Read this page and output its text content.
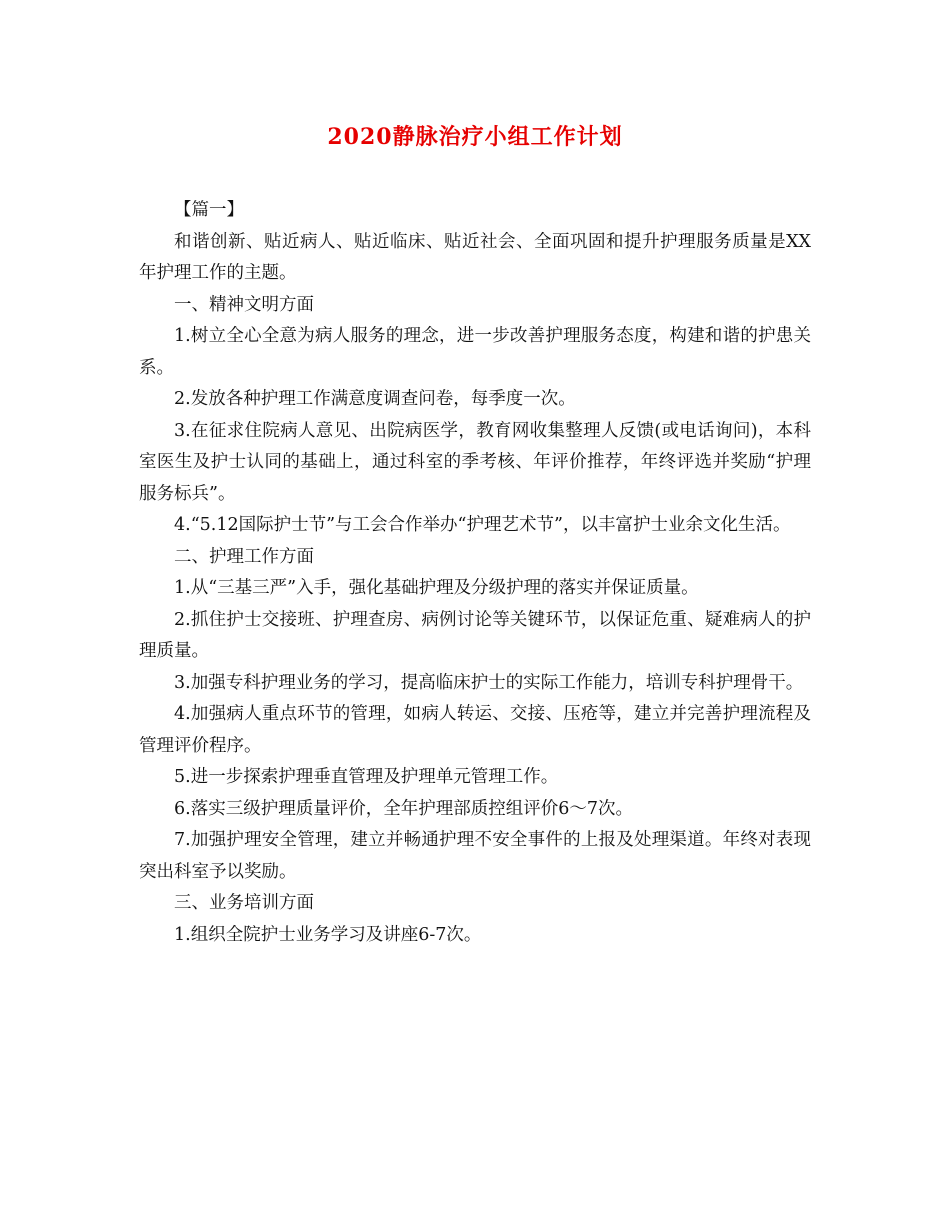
2020静脉治疗小组工作计划

【篇一】

和谐创新、贴近病人、贴近临床、贴近社会、全面巩固和提升护理服务质量是XX年护理工作的主题。

一、精神文明方面

1.树立全心全意为病人服务的理念，进一步改善护理服务态度，构建和谐的护患关系。

2.发放各种护理工作满意度调查问卷，每季度一次。

3.在征求住院病人意见、出院病医学，教育网收集整理人反馈(或电话询问)，本科室医生及护士认同的基础上，通过科室的季考核、年评价推荐，年终评选并奖励“护理服务标兵”。

4.“5.12国际护士节”与工会合作举办“护理艺术节”，以丰富护士业余文化生活。

二、护理工作方面

1.从“三基三严”入手，强化基础护理及分级护理的落实并保证质量。

2.抓住护士交接班、护理查房、病例讨论等关键环节，以保证危重、疑难病人的护理质量。

3.加强专科护理业务的学习，提高临床护士的实际工作能力，培训专科护理骨干。

4.加强病人重点环节的管理，如病人转运、交接、压疮等，建立并完善护理流程及管理评价程序。

5.进一步探索护理垂直管理及护理单元管理工作。

6.落实三级护理质量评价，全年护理部质控组评价6～7次。

7.加强护理安全管理，建立并畅通护理不安全事件的上报及处理渠道。年终对表现突出科室予以奖励。

三、业务培训方面

1.组织全院护士业务学习及讲座6-7次。
